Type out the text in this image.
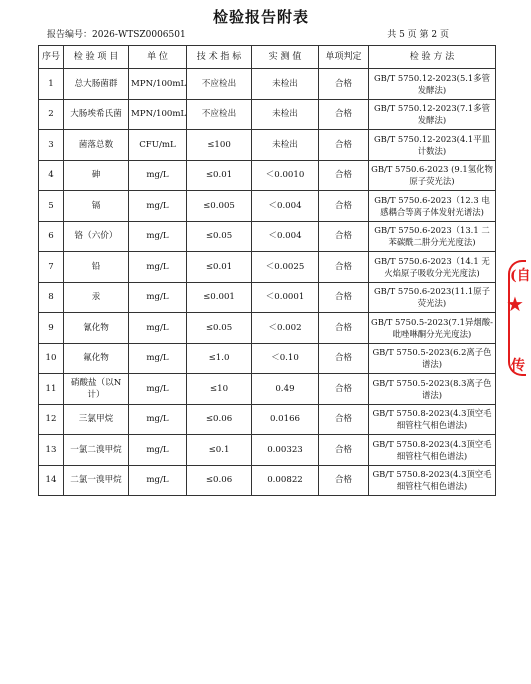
检验报告附表
报告编号：2026-WTSZ0006501	共 5 页 第 2 页
序号	检 验 项 目	单 位	技 术 指 标	实 测 值	单项判定	检 验 方 法
1	总大肠菌群	MPN/100mL	不应检出	未检出	合格	GB/T 5750.12-2023(5.1多管发酵法)
2	大肠埃希氏菌	MPN/100mL	不应检出	未检出	合格	GB/T 5750.12-2023(7.1多管发酵法)
3	菌落总数	CFU/mL	≤100	未检出	合格	GB/T 5750.12-2023(4.1平皿计数法)
4	砷	mg/L	≤0.01	＜0.0010	合格	GB/T 5750.6-2023 (9.1氢化物原子荧光法)
5	镉	mg/L	≤0.005	＜0.004	合格	GB/T 5750.6-2023（12.3 电感耦合等离子体发射光谱法)
6	铬（六价）	mg/L	≤0.05	＜0.004	合格	GB/T 5750.6-2023（13.1 二苯碳酰二肼分光光度法)
7	铅	mg/L	≤0.01	＜0.0025	合格	GB/T 5750.6-2023（14.1 无火焰原子吸收分光光度法)
8	汞	mg/L	≤0.001	＜0.0001	合格	GB/T 5750.6-2023(11.1原子荧光法)
9	氰化物	mg/L	≤0.05	＜0.002	合格	GB/T 5750.5-2023(7.1异烟酸-吡唑啉酮分光光度法)
10	氟化物	mg/L	≤1.0	＜0.10	合格	GB/T 5750.5-2023(6.2离子色谱法)
11	硝酸盐（以N计）	mg/L	≤10	0.49	合格	GB/T 5750.5-2023(8.3离子色谱法)
12	三氯甲烷	mg/L	≤0.06	0.0166	合格	GB/T 5750.8-2023(4.3顶空毛细管柱气相色谱法)
13	一氯二溴甲烷	mg/L	≤0.1	0.00323	合格	GB/T 5750.8-2023(4.3顶空毛细管柱气相色谱法)
14	二氯一溴甲烷	mg/L	≤0.06	0.00822	合格	GB/T 5750.8-2023(4.3顶空毛细管柱气相色谱法)
(自
★
传
